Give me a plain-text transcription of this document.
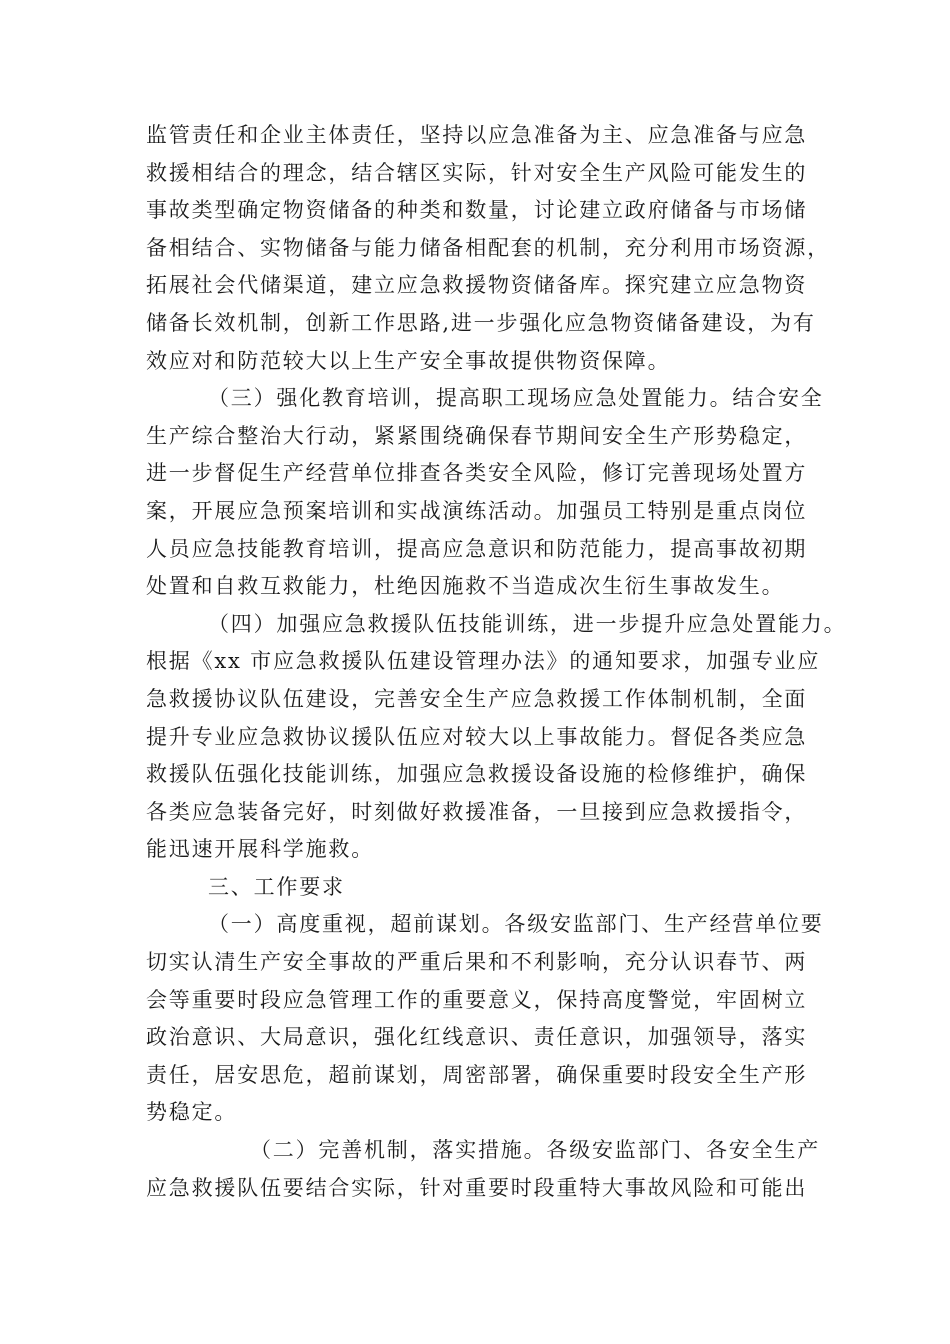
监管责任和企业主体责任，坚持以应急准备为主、应急准备与应急
救援相结合的理念，结合辖区实际，针对安全生产风险可能发生的
事故类型确定物资储备的种类和数量，讨论建立政府储备与市场储
备相结合、实物储备与能力储备相配套的机制，充分利用市场资源，
拓展社会代储渠道，建立应急救援物资储备库。探究建立应急物资
储备长效机制，创新工作思路,进一步强化应急物资储备建设，为有
效应对和防范较大以上生产安全事故提供物资保障。
（三）强化教育培训，提高职工现场应急处置能力。结合安全
生产综合整治大行动，紧紧围绕确保春节期间安全生产形势稳定，
进一步督促生产经营单位排查各类安全风险，修订完善现场处置方
案，开展应急预案培训和实战演练活动。加强员工特别是重点岗位
人员应急技能教育培训，提高应急意识和防范能力，提高事故初期
处置和自救互救能力，杜绝因施救不当造成次生衍生事故发生。
（四）加强应急救援队伍技能训练，进一步提升应急处置能力。
根据《xx 市应急救援队伍建设管理办法》的通知要求，加强专业应
急救援协议队伍建设，完善安全生产应急救援工作体制机制，全面
提升专业应急救协议援队伍应对较大以上事故能力。督促各类应急
救援队伍强化技能训练，加强应急救援设备设施的检修维护，确保
各类应急装备完好，时刻做好救援准备，一旦接到应急救援指令，
能迅速开展科学施救。
三、工作要求
（一）高度重视，超前谋划。各级安监部门、生产经营单位要
切实认清生产安全事故的严重后果和不利影响，充分认识春节、两
会等重要时段应急管理工作的重要意义，保持高度警觉，牢固树立
政治意识、大局意识，强化红线意识、责任意识，加强领导，落实
责任，居安思危，超前谋划，周密部署，确保重要时段安全生产形
势稳定。
（二）完善机制，落实措施。各级安监部门、各安全生产
应急救援队伍要结合实际，针对重要时段重特大事故风险和可能出
